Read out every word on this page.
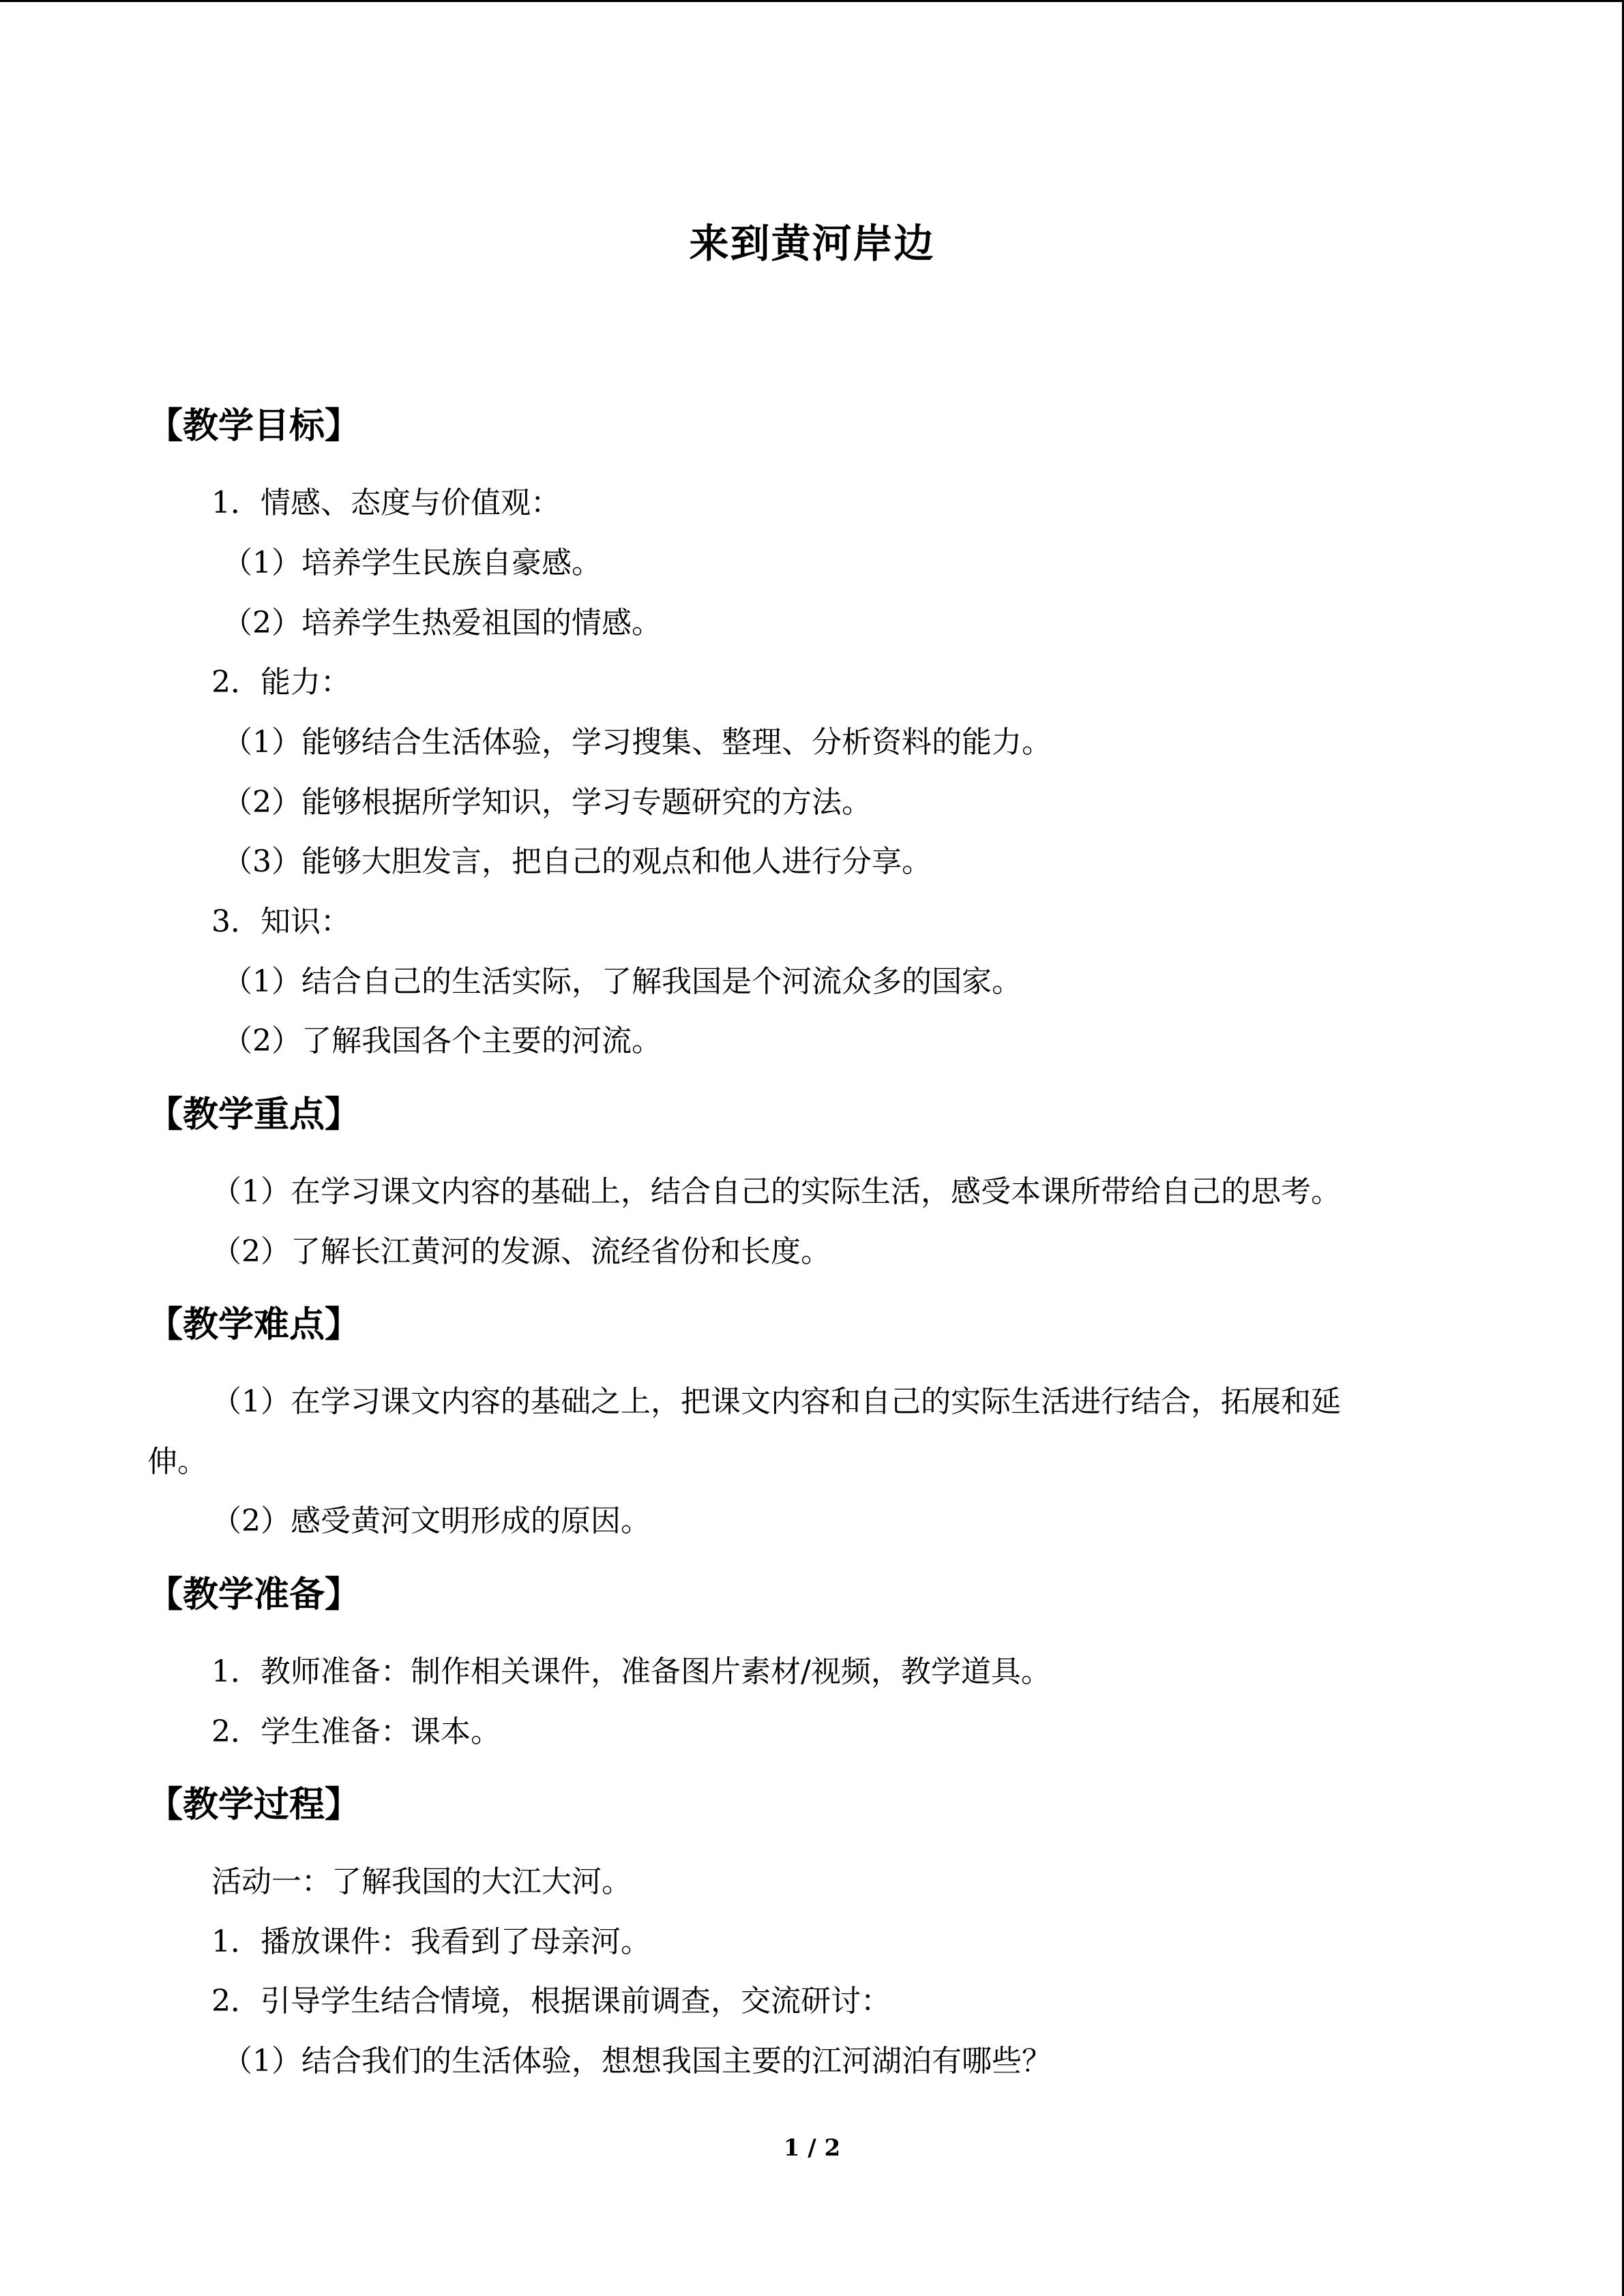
来到黄河岸边
【教学目标】
1．情感、态度与价值观：
（1）培养学生民族自豪感。
（2）培养学生热爱祖国的情感。
2．能力：
（1）能够结合生活体验，学习搜集、整理、分析资料的能力。
（2）能够根据所学知识，学习专题研究的方法。
（3）能够大胆发言，把自己的观点和他人进行分享。
3．知识：
（1）结合自己的生活实际，了解我国是个河流众多的国家。
（2）了解我国各个主要的河流。
【教学重点】
（1）在学习课文内容的基础上，结合自己的实际生活，感受本课所带给自己的思考。
（2）了解长江黄河的发源、流经省份和长度。
【教学难点】
（1）在学习课文内容的基础之上，把课文内容和自己的实际生活进行结合，拓展和延
伸。
（2）感受黄河文明形成的原因。
【教学准备】
1．教师准备：制作相关课件，准备图片素材/视频，教学道具。
2．学生准备：课本。
【教学过程】
活动一：了解我国的大江大河。
1．播放课件：我看到了母亲河。
2．引导学生结合情境，根据课前调查，交流研讨：
（1）结合我们的生活体验，想想我国主要的江河湖泊有哪些？
1 / 2
